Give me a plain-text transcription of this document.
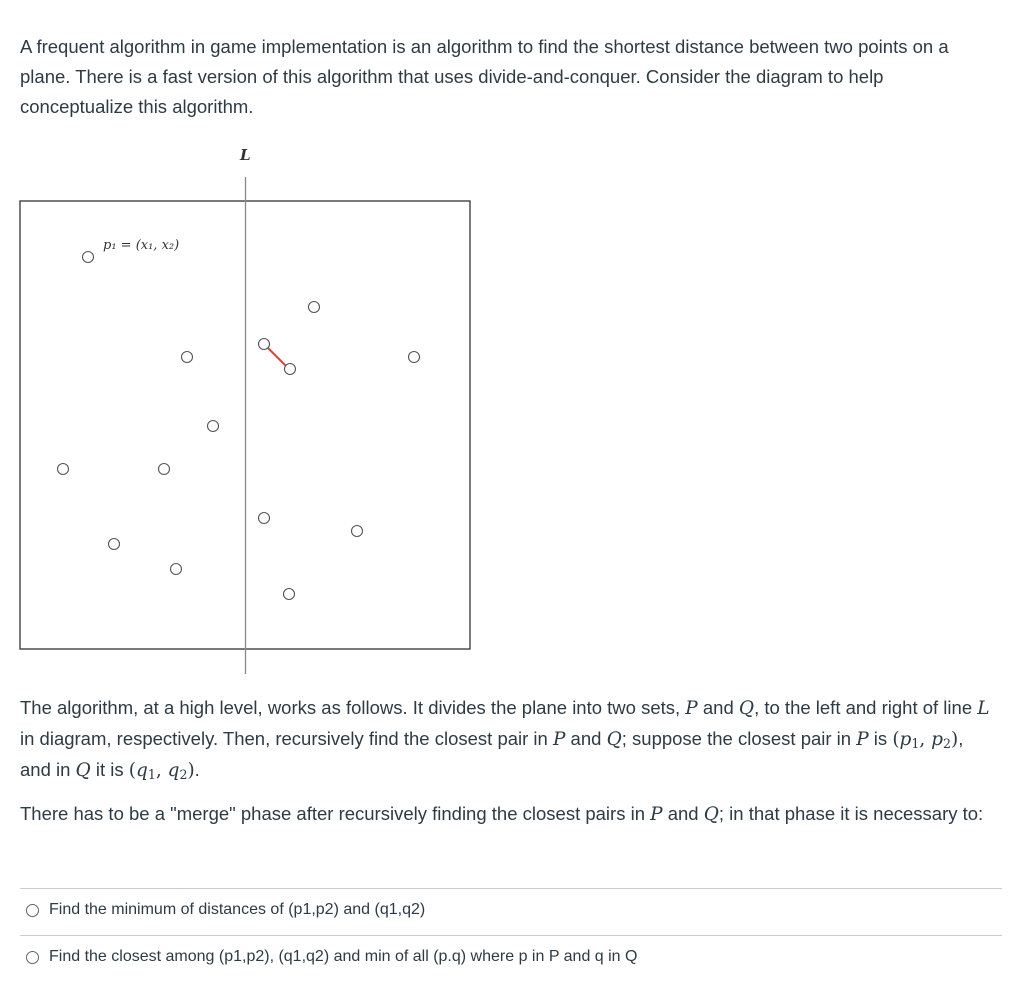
A frequent algorithm in game implementation is an algorithm to find the shortest distance between two points on a plane. There is a fast version of this algorithm that uses divide-and-conquer. Consider the diagram to help conceptualize this algorithm.

L
p₁ = (x₁, x₂)

The algorithm, at a high level, works as follows. It divides the plane into two sets, P and Q, to the left and right of line L in diagram, respectively. Then, recursively find the closest pair in P and Q; suppose the closest pair in P is ($p_1$, $p_2$), and in Q it is ($q_1$, $q_2$).

There has to be a "merge" phase after recursively finding the closest pairs in P and Q; in that phase it is necessary to:

Find the minimum of distances of (p1,p2) and (q1,q2)
Find the closest among (p1,p2), (q1,q2) and min of all (p.q) where p in P and q in Q
